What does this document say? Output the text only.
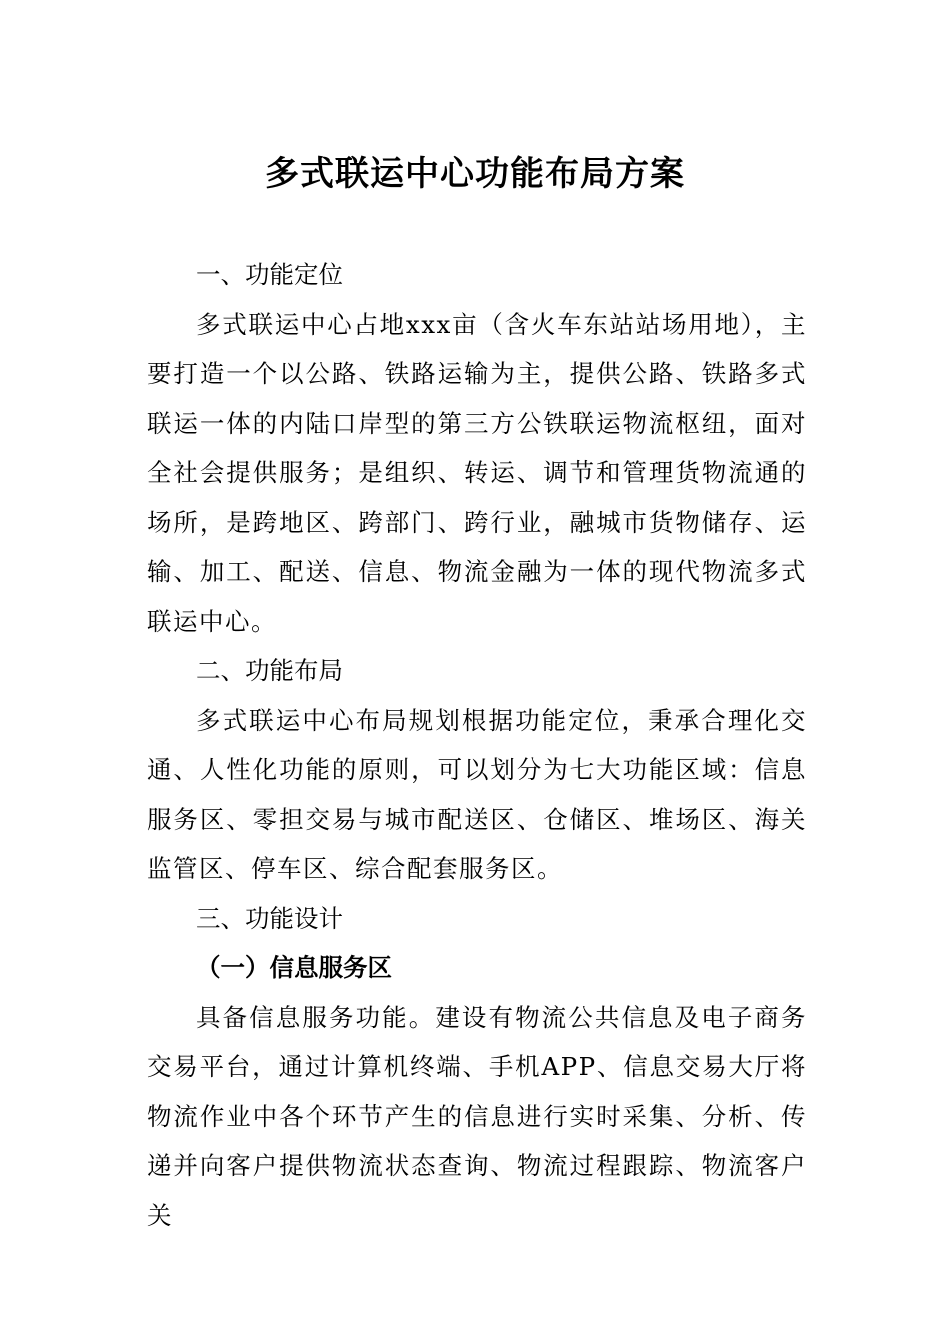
多式联运中心功能布局方案
一、功能定位

多式联运中心占地xxx亩（含火车东站站场用地），主要打造一个以公路、铁路运输为主，提供公路、铁路多式联运一体的内陆口岸型的第三方公铁联运物流枢纽，面对全社会提供服务；是组织、转运、调节和管理货物流通的场所，是跨地区、跨部门、跨行业，融城市货物储存、运输、加工、配送、信息、物流金融为一体的现代物流多式联运中心。

二、功能布局

多式联运中心布局规划根据功能定位，秉承合理化交通、人性化功能的原则，可以划分为七大功能区域：信息服务区、零担交易与城市配送区、仓储区、堆场区、海关监管区、停车区、综合配套服务区。

三、功能设计
（一）信息服务区

具备信息服务功能。建设有物流公共信息及电子商务交易平台，通过计算机终端、手机APP、信息交易大厅将物流作业中各个环节产生的信息进行实时采集、分析、传递并向客户提供物流状态查询、物流过程跟踪、物流客户关
